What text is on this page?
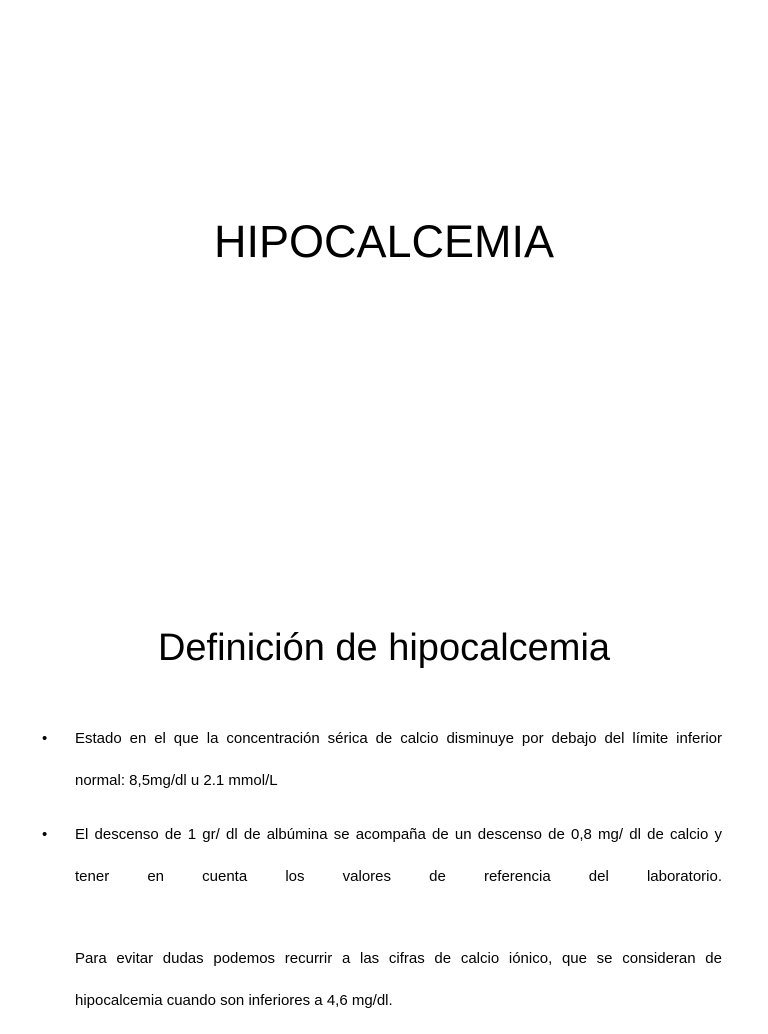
HIPOCALCEMIA
Definición de hipocalcemia
• Estado en el que la concentración sérica de calcio disminuye por debajo del límite inferior normal: 8,5mg/dl u 2.1 mmol/L
• El descenso de 1 gr/ dl de albúmina se acompaña de un descenso de 0,8 mg/ dl de calcio y tener en cuenta los valores de referencia del laboratorio.
Para evitar dudas podemos recurrir a las cifras de calcio iónico, que se consideran de hipocalcemia cuando son inferiores a 4,6 mg/dl.
